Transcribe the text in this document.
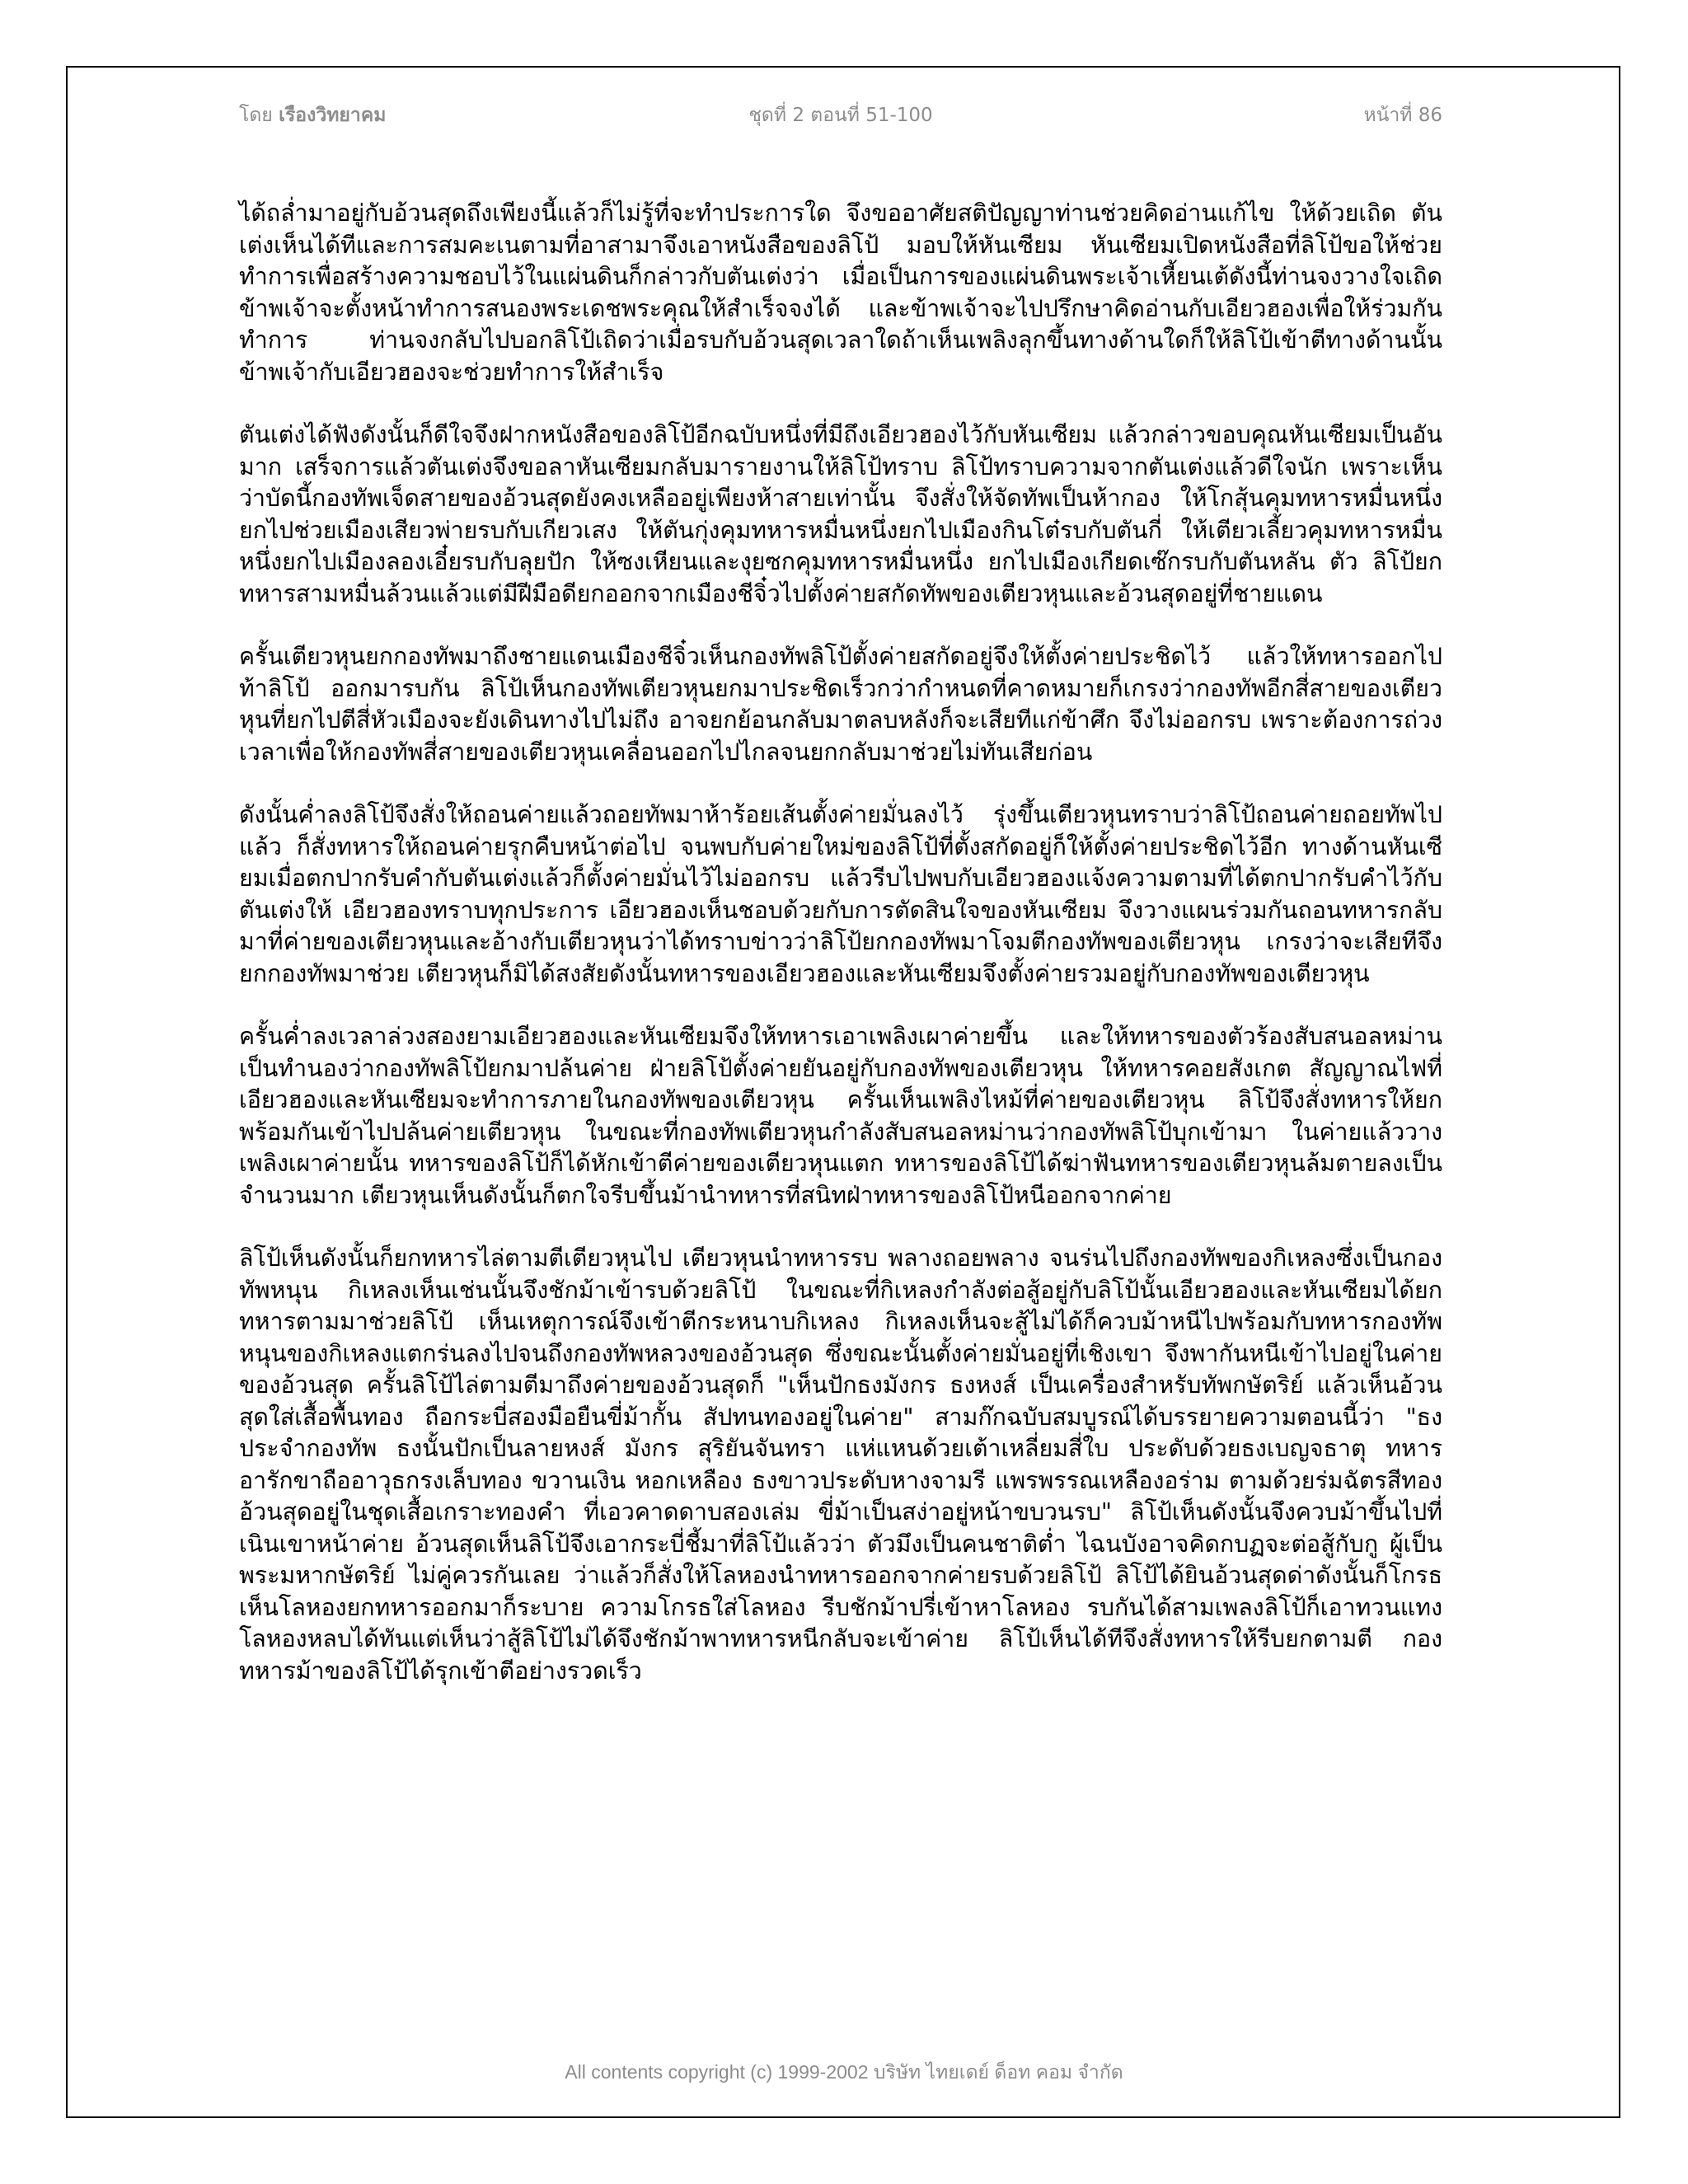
โดย เรืองวิทยาคม	ชุดที่ 2 ตอนที่ 51-100	หน้าที่ 86

ได้ถล่ำมาอยู่กับอ้วนสุดถึงเพียงนี้แล้วก็ไม่รู้ที่จะทำประการใด จึงขออาศัยสติปัญญาท่านช่วยคิดอ่านแก้ไข ให้ด้วยเถิด ตันเต่งเห็นได้ทีและการสมคะเนตามที่อาสามาจึงเอาหนังสือของลิโป้ มอบให้หันเซียม หันเซียมเปิดหนังสือที่ลิโป้ขอให้ช่วยทำการเพื่อสร้างความชอบไว้ในแผ่นดินก็กล่าวกับตันเต่งว่า เมื่อเป็นการของแผ่นดินพระเจ้าเหี้ยนเต้ดังนี้ท่านจงวางใจเถิด ข้าพเจ้าจะตั้งหน้าทำการสนองพระเดชพระคุณให้สำเร็จจงได้ และข้าพเจ้าจะไปปรึกษาคิดอ่านกับเอียวฮองเพื่อให้ร่วมกันทำการ ท่านจงกลับไปบอกลิโป้เถิดว่าเมื่อรบกับอ้วนสุดเวลาใดถ้าเห็นเพลิงลุกขึ้นทางด้านใดก็ให้ลิโป้เข้าตีทางด้านนั้น ข้าพเจ้ากับเอียวฮองจะช่วยทำการให้สำเร็จ

ตันเต่งได้ฟังดังนั้นก็ดีใจจึงฝากหนังสือของลิโป้อีกฉบับหนึ่งที่มีถึงเอียวฮองไว้กับหันเซียม แล้วกล่าวขอบคุณหันเซียมเป็นอันมาก เสร็จการแล้วตันเต่งจึงขอลาหันเซียมกลับมารายงานให้ลิโป้ทราบ ลิโป้ทราบความจากตันเต่งแล้วดีใจนัก เพราะเห็นว่าบัดนี้กองทัพเจ็ดสายของอ้วนสุดยังคงเหลืออยู่เพียงห้าสายเท่านั้น จึงสั่งให้จัดทัพเป็นห้ากอง ให้โกสุ้นคุมทหารหมื่นหนึ่งยกไปช่วยเมืองเสียวพ่ายรบกับเกียวเสง ให้ตันกุ่งคุมทหารหมื่นหนึ่งยกไปเมืองกินโต๋รบกับตันกี่ ให้เตียวเลี้ยวคุมทหารหมื่นหนึ่งยกไปเมืองลองเอี๋ยรบกับลุยปัก ให้ซงเหียนและงุยซกคุมทหารหมื่นหนึ่ง ยกไปเมืองเกียดเซ๊กรบกับตันหลัน ตัว ลิโป้ยกทหารสามหมื่นล้วนแล้วแต่มีฝีมือดียกออกจากเมืองชีจิ๋วไปตั้งค่ายสกัดทัพของเตียวหุนและอ้วนสุดอยู่ที่ชายแดน

ครั้นเตียวหุนยกกองทัพมาถึงชายแดนเมืองชีจิ๋วเห็นกองทัพลิโป้ตั้งค่ายสกัดอยู่จึงให้ตั้งค่ายประชิดไว้ แล้วให้ทหารออกไปท้าลิโป้ ออกมารบกัน ลิโป้เห็นกองทัพเตียวหุนยกมาประชิดเร็วกว่ากำหนดที่คาดหมายก็เกรงว่ากองทัพอีกสี่สายของเตียวหุนที่ยกไปตีสี่หัวเมืองจะยังเดินทางไปไม่ถึง อาจยกย้อนกลับมาตลบหลังก็จะเสียทีแก่ข้าศึก จึงไม่ออกรบ เพราะต้องการถ่วงเวลาเพื่อให้กองทัพสี่สายของเตียวหุนเคลื่อนออกไปไกลจนยกกลับมาช่วยไม่ทันเสียก่อน

ดังนั้นค่ำลงลิโป้จึงสั่งให้ถอนค่ายแล้วถอยทัพมาห้าร้อยเส้นตั้งค่ายมั่นลงไว้ รุ่งขึ้นเตียวหุนทราบว่าลิโป้ถอนค่ายถอยทัพไปแล้ว ก็สั่งทหารให้ถอนค่ายรุกคืบหน้าต่อไป จนพบกับค่ายใหม่ของลิโป้ที่ตั้งสกัดอยู่ก็ให้ตั้งค่ายประชิดไว้อีก ทางด้านหันเซียมเมื่อตกปากรับคำกับตันเต่งแล้วก็ตั้งค่ายมั่นไว้ไม่ออกรบ แล้วรีบไปพบกับเอียวฮองแจ้งความตามที่ได้ตกปากรับคำไว้กับตันเต่งให้ เอียวฮองทราบทุกประการ เอียวฮองเห็นชอบด้วยกับการตัดสินใจของหันเซียม จึงวางแผนร่วมกันถอนทหารกลับมาที่ค่ายของเตียวหุนและอ้างกับเตียวหุนว่าได้ทราบข่าวว่าลิโป้ยกกองทัพมาโจมตีกองทัพของเตียวหุน เกรงว่าจะเสียทีจึงยกกองทัพมาช่วย เตียวหุนก็มิได้สงสัยดังนั้นทหารของเอียวฮองและหันเซียมจึงตั้งค่ายรวมอยู่กับกองทัพของเตียวหุน

ครั้นค่ำลงเวลาล่วงสองยามเอียวฮองและหันเซียมจึงให้ทหารเอาเพลิงเผาค่ายขึ้น และให้ทหารของตัวร้องสับสนอลหม่านเป็นทำนองว่ากองทัพลิโป้ยกมาปล้นค่าย ฝ่ายลิโป้ตั้งค่ายยันอยู่กับกองทัพของเตียวหุน ให้ทหารคอยสังเกต สัญญาณไฟที่เอียวฮองและหันเซียมจะทำการภายในกองทัพของเตียวหุน ครั้นเห็นเพลิงไหม้ที่ค่ายของเตียวหุน ลิโป้จึงสั่งทหารให้ยกพร้อมกันเข้าไปปล้นค่ายเตียวหุน ในขณะที่กองทัพเตียวหุนกำลังสับสนอลหม่านว่ากองทัพลิโป้บุกเข้ามา ในค่ายแล้ววางเพลิงเผาค่ายนั้น ทหารของลิโป้ก็ได้หักเข้าตีค่ายของเตียวหุนแตก ทหารของลิโป้ได้ฆ่าฟันทหารของเตียวหุนล้มตายลงเป็นจำนวนมาก เตียวหุนเห็นดังนั้นก็ตกใจรีบขึ้นม้านำทหารที่สนิทฝ่าทหารของลิโป้หนีออกจากค่าย

ลิโป้เห็นดังนั้นก็ยกทหารไล่ตามตีเตียวหุนไป เตียวหุนนำทหารรบ พลางถอยพลาง จนร่นไปถึงกองทัพของกิเหลงซึ่งเป็นกองทัพหนุน กิเหลงเห็นเช่นนั้นจึงชักม้าเข้ารบด้วยลิโป้ ในขณะที่กิเหลงกำลังต่อสู้อยู่กับลิโป้นั้นเอียวฮองและหันเซียมได้ยกทหารตามมาช่วยลิโป้ เห็นเหตุการณ์จึงเข้าตีกระหนาบกิเหลง กิเหลงเห็นจะสู้ไม่ได้ก็ควบม้าหนีไปพร้อมกับทหารกองทัพหนุนของกิเหลงแตกร่นลงไปจนถึงกองทัพหลวงของอ้วนสุด ซึ่งขณะนั้นตั้งค่ายมั่นอยู่ที่เชิงเขา จึงพากันหนีเข้าไปอยู่ในค่ายของอ้วนสุด ครั้นลิโป้ไล่ตามตีมาถึงค่ายของอ้วนสุดก็ "เห็นปักธงมังกร ธงหงส์ เป็นเครื่องสำหรับทัพกษัตริย์ แล้วเห็นอ้วนสุดใส่เสื้อพื้นทอง ถือกระบี่สองมือยืนขี่ม้ากั้น สัปทนทองอยู่ในค่าย" สามก๊กฉบับสมบูรณ์ได้บรรยายความตอนนี้ว่า "ธงประจำกองทัพ ธงนั้นปักเป็นลายหงส์ มังกร สุริยันจันทรา แห่แหนด้วยเต้าเหลี่ยมสี่ใบ ประดับด้วยธงเบญจธาตุ ทหารอารักขาถืออาวุธกรงเล็บทอง ขวานเงิน หอกเหลือง ธงขาวประดับหางจามรี แพรพรรณเหลืองอร่าม ตามด้วยร่มฉัตรสีทอง อ้วนสุดอยู่ในชุดเสื้อเกราะทองคำ ที่เอวคาดดาบสองเล่ม ขี่ม้าเป็นสง่าอยู่หน้าขบวนรบ" ลิโป้เห็นดังนั้นจึงควบม้าขึ้นไปที่เนินเขาหน้าค่าย อ้วนสุดเห็นลิโป้จึงเอากระบี่ชี้มาที่ลิโป้แล้วว่า ตัวมึงเป็นคนชาติต่ำ ไฉนบังอาจคิดกบฏจะต่อสู้กับกู ผู้เป็นพระมหากษัตริย์ ไม่คู่ควรกันเลย ว่าแล้วก็สั่งให้โลหองนำทหารออกจากค่ายรบด้วยลิโป้ ลิโป้ได้ยินอ้วนสุดด่าดังนั้นก็โกรธ เห็นโลหองยกทหารออกมาก็ระบาย ความโกรธใส่โลหอง รีบชักม้าปรี่เข้าหาโลหอง รบกันได้สามเพลงลิโป้ก็เอาทวนแทง โลหองหลบได้ทันแต่เห็นว่าสู้ลิโป้ไม่ได้จึงชักม้าพาทหารหนีกลับจะเข้าค่าย ลิโป้เห็นได้ทีจึงสั่งทหารให้รีบยกตามตี กองทหารม้าของลิโป้ได้รุกเข้าตีอย่างรวดเร็ว

All contents copyright (c) 1999-2002 บริษัท ไทยเดย์ ด็อท คอม จำกัด
